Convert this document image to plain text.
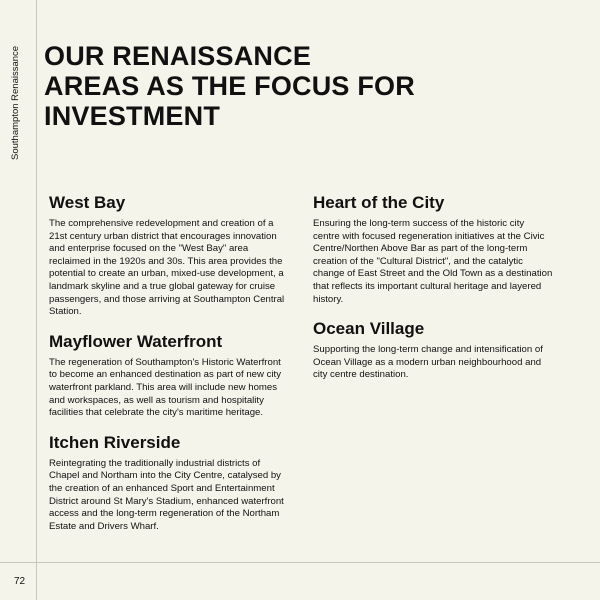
Southampton Renaissance
72
OUR RENAISSANCE
AREAS AS THE FOCUS FOR
INVESTMENT
West Bay

The comprehensive redevelopment and creation of a 21st century urban district that encourages innovation and enterprise focused on the "West Bay" area reclaimed in the 1920s and 30s. This area provides the potential to create an urban, mixed-use development, a landmark skyline and a true global gateway for cruise passengers, and those arriving at Southampton Central Station.

Mayflower Waterfront

The regeneration of Southampton's Historic Waterfront to become an enhanced destination as part of new city waterfront parkland. This area will include new homes and workspaces, as well as tourism and hospitality facilities that celebrate the city's maritime heritage.

Itchen Riverside

Reintegrating the traditionally industrial districts of Chapel and Northam into the City Centre, catalysed by the creation of an enhanced Sport and Entertainment District around St Mary's Stadium, enhanced waterfront access and the long-term regeneration of the Northam Estate and Drivers Wharf.

Heart of the City

Ensuring the long-term success of the historic city centre with focused regeneration initiatives at the Civic Centre/Northen Above Bar as part of the long-term creation of the "Cultural District", and the catalytic change of East Street and the Old Town as a destination that reflects its important cultural heritage and layered history.

Ocean Village

Supporting the long-term change and intensification of Ocean Village as a modern urban neighbourhood and city centre destination.
